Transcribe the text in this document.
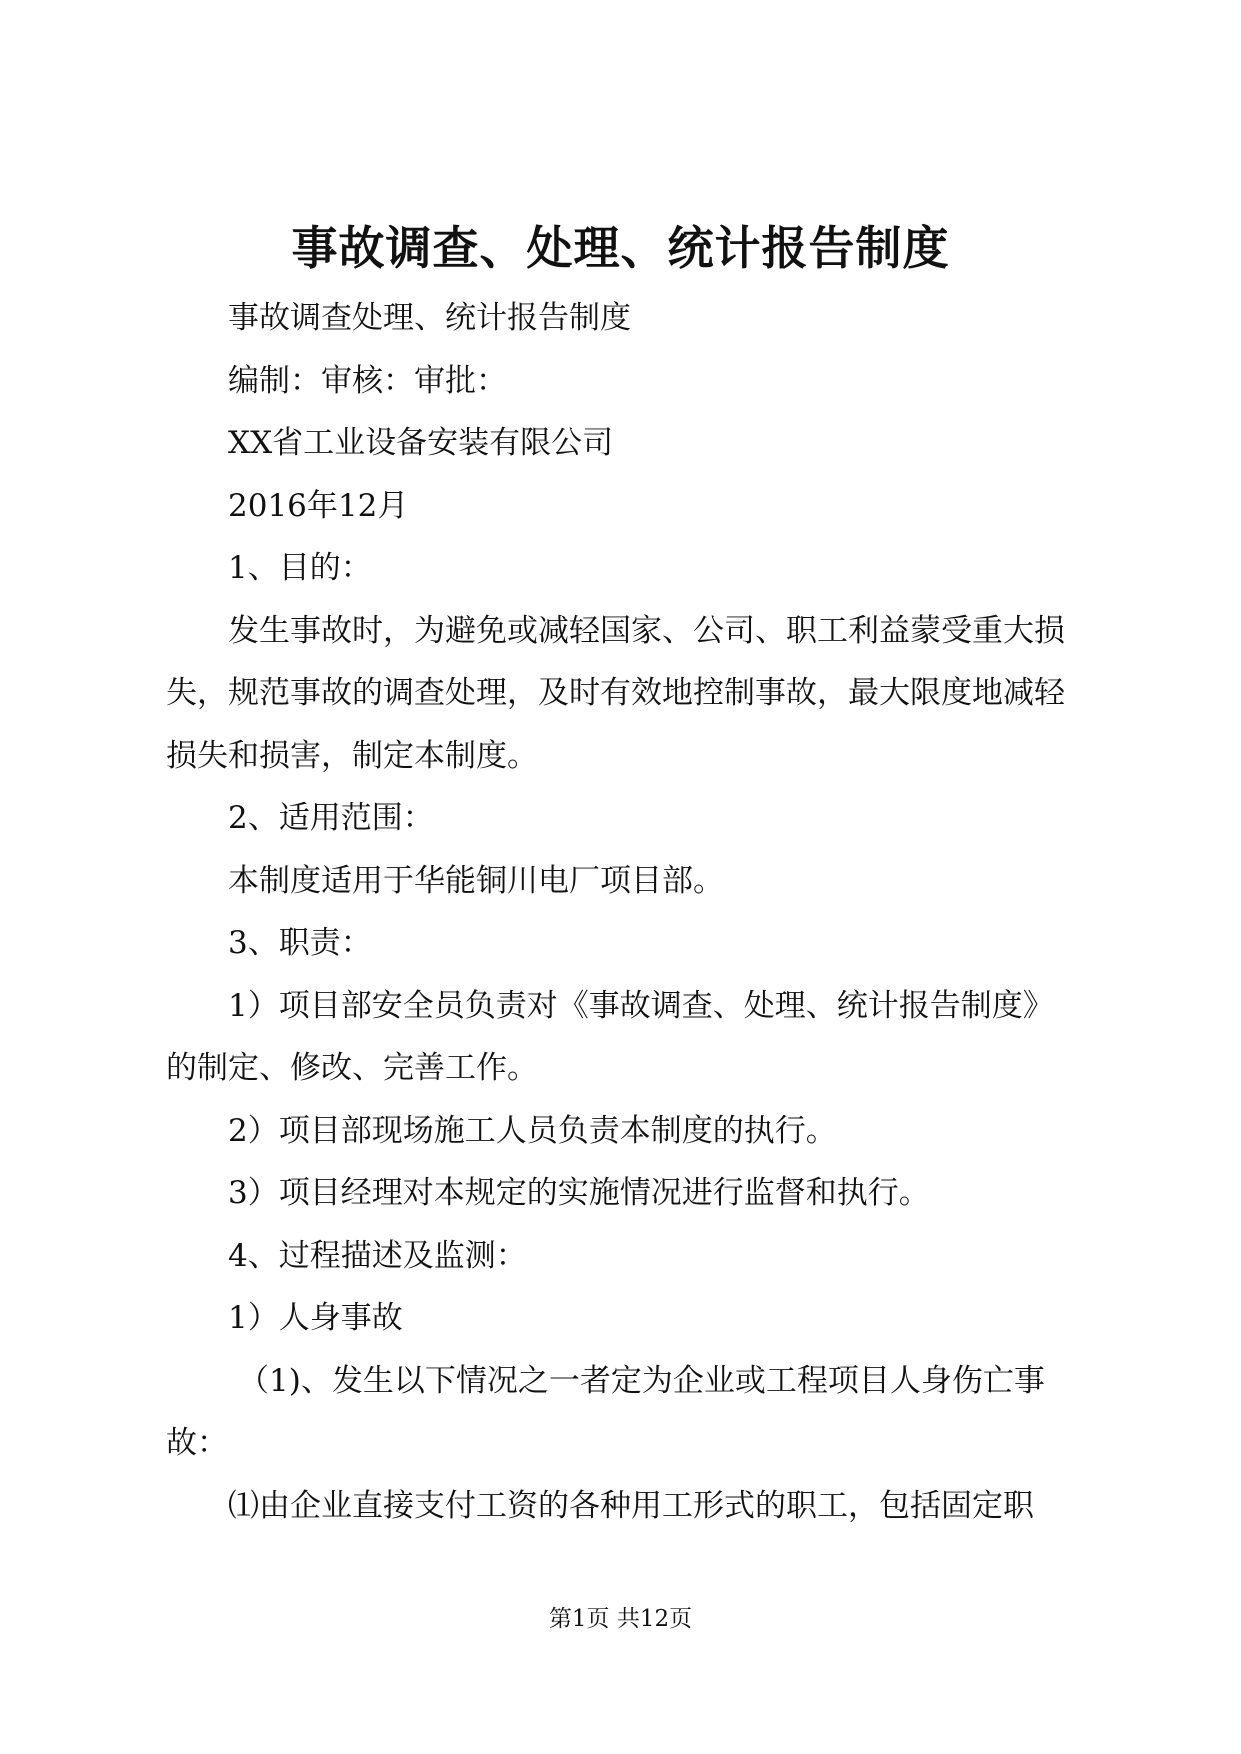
事故调查、处理、统计报告制度

事故调查处理、统计报告制度

编制：审核：审批：

XX省工业设备安装有限公司

2016年12月

1、目的：

发生事故时，为避免或减轻国家、公司、职工利益蒙受重大损失，规范事故的调查处理，及时有效地控制事故，最大限度地减轻损失和损害，制定本制度。

2、适用范围：

本制度适用于华能铜川电厂项目部。

3、职责：

1）项目部安全员负责对《事故调查、处理、统计报告制度》的制定、修改、完善工作。

2）项目部现场施工人员负责本制度的执行。

3）项目经理对本规定的实施情况进行监督和执行。

4、过程描述及监测：

1）人身事故

（1)、发生以下情况之一者定为企业或工程项目人身伤亡事故：

⑴由企业直接支付工资的各种用工形式的职工，包括固定职

第1页 共12页
